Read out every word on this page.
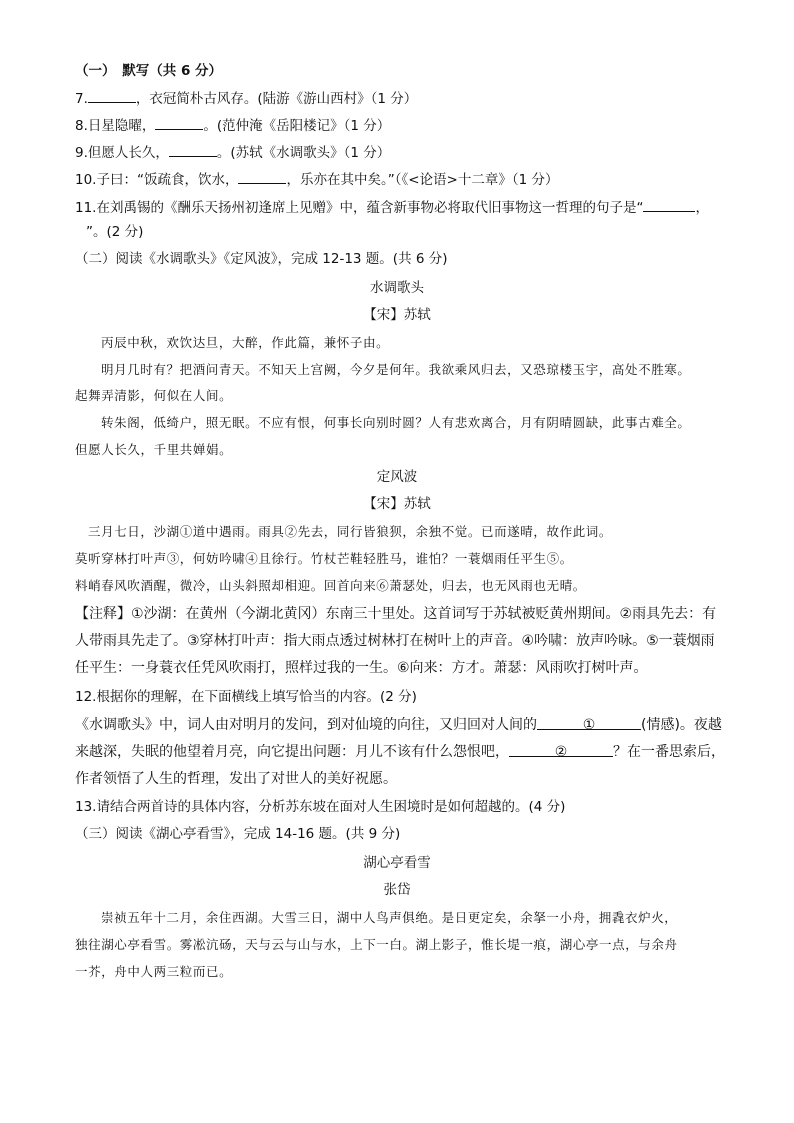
（一）　默写（共 6 分）
7.	，衣冠简朴古风存。(陆游《游山西村》（1 分）
8.日星隐曜，	。(范仲淹《岳阳楼记》（1 分）
9.但愿人长久，	。(苏轼《水调歌头》（1 分）
10.子曰：“饭疏食，饮水，	，乐亦在其中矣。”（《<论语>十二章》（1 分）
11.在刘禹锡的《酬乐天扬州初逢席上见赠》中，蕴含新事物必将取代旧事物这一哲理的句子是“	，
”。(2 分)
（二）阅读《水调歌头》《定风波》，完成 12-13 题。(共 6 分)
水调歌头
【宋】苏轼
丙辰中秋，欢饮达旦，大醉，作此篇，兼怀子由。
明月几时有？把酒问青天。不知天上宫阙，今夕是何年。我欲乘风归去，又恐琼楼玉宇，高处不胜寒。
起舞弄清影，何似在人间。
转朱阁，低绮户，照无眠。不应有恨，何事长向别时圆？人有悲欢离合，月有阴晴圆缺，此事古难全。
但愿人长久，千里共婵娟。
定风波
【宋】苏轼
三月七日，沙湖①道中遇雨。雨具②先去，同行皆狼狈，余独不觉。已而遂晴，故作此词。
莫听穿林打叶声③，何妨吟啸④且徐行。竹杖芒鞋轻胜马，谁怕？一蓑烟雨任平生⑤。
料峭春风吹酒醒，微冷，山头斜照却相迎。回首向来⑥萧瑟处，归去，也无风雨也无晴。
【注释】①沙湖：在黄州（今湖北黄冈）东南三十里处。这首词写于苏轼被贬黄州期间。②雨具先去：有
人带雨具先走了。③穿林打叶声：指大雨点透过树林打在树叶上的声音。④吟啸：放声吟咏。⑤一蓑烟雨
任平生：一身蓑衣任凭风吹雨打，照样过我的一生。⑥向来：方才。萧瑟：风雨吹打树叶声。
12.根据你的理解，在下面横线上填写恰当的内容。(2 分)
《水调歌头》中，词人由对明月的发问，到对仙境的向往，又归回对人间的	①	(情感)。夜越
来越深，失眠的他望着月亮，向它提出问题：月儿不该有什么怨恨吧，	②	？在一番思索后，
作者领悟了人生的哲理，发出了对世人的美好祝愿。
13.请结合两首诗的具体内容，分析苏东坡在面对人生困境时是如何超越的。(4 分)
（三）阅读《湖心亭看雪》，完成 14-16 题。(共 9 分)
湖心亭看雪
张岱
崇祯五年十二月，余住西湖。大雪三日，湖中人鸟声俱绝。是日更定矣，余拏一小舟，拥毳衣炉火，
独往湖心亭看雪。雾凇沆砀，天与云与山与水，上下一白。湖上影子，惟长堤一痕，湖心亭一点，与余舟
一芥，舟中人两三粒而已。
